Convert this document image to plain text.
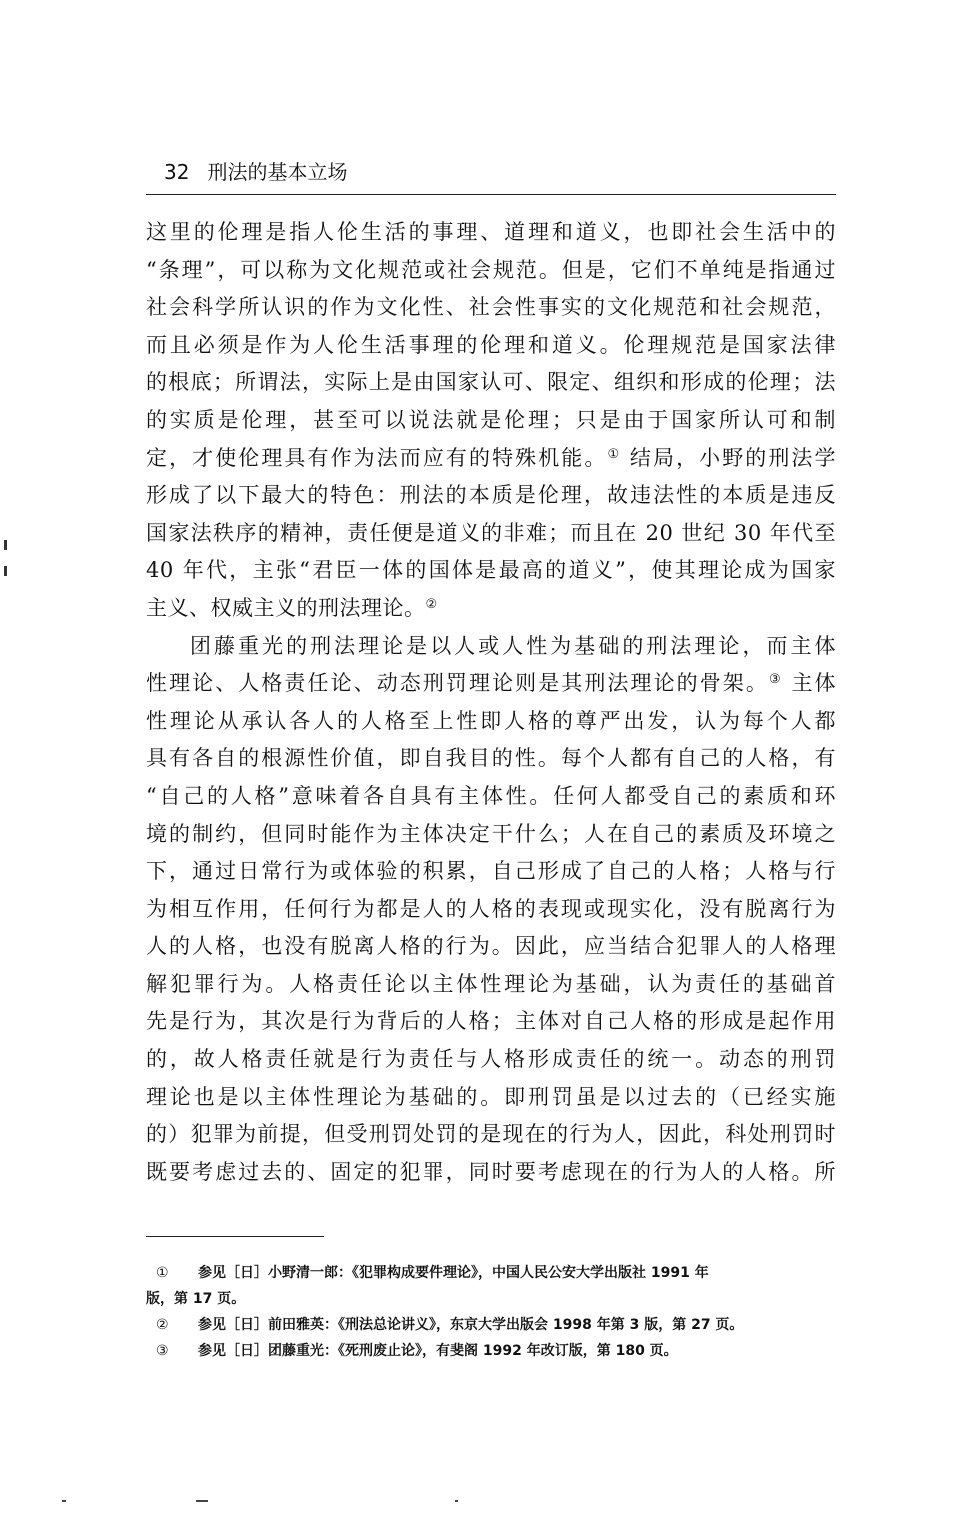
32 刑法的基本立场
这里的伦理是指人伦生活的事理、道理和道义，也即社会生活中的
“条理”，可以称为文化规范或社会规范。但是，它们不单纯是指通过
社会科学所认识的作为文化性、社会性事实的文化规范和社会规范，
而且必须是作为人伦生活事理的伦理和道义。伦理规范是国家法律
的根底；所谓法，实际上是由国家认可、限定、组织和形成的伦理；法
的实质是伦理，甚至可以说法就是伦理；只是由于国家所认可和制
定，才使伦理具有作为法而应有的特殊机能。① 结局，小野的刑法学
形成了以下最大的特色：刑法的本质是伦理，故违法性的本质是违反
国家法秩序的精神，责任便是道义的非难；而且在 20 世纪 30 年代至
40 年代，主张“君臣一体的国体是最高的道义”，使其理论成为国家
主义、权威主义的刑法理论。②
团藤重光的刑法理论是以人或人性为基础的刑法理论，而主体
性理论、人格责任论、动态刑罚理论则是其刑法理论的骨架。③ 主体
性理论从承认各人的人格至上性即人格的尊严出发，认为每个人都
具有各自的根源性价值，即自我目的性。每个人都有自己的人格，有
“自己的人格”意味着各自具有主体性。任何人都受自己的素质和环
境的制约，但同时能作为主体决定干什么；人在自己的素质及环境之
下，通过日常行为或体验的积累，自己形成了自己的人格；人格与行
为相互作用，任何行为都是人的人格的表现或现实化，没有脱离行为
人的人格，也没有脱离人格的行为。因此，应当结合犯罪人的人格理
解犯罪行为。人格责任论以主体性理论为基础，认为责任的基础首
先是行为，其次是行为背后的人格；主体对自己人格的形成是起作用
的，故人格责任就是行为责任与人格形成责任的统一。动态的刑罚
理论也是以主体性理论为基础的。即刑罚虽是以过去的（已经实施
的）犯罪为前提，但受刑罚处罚的是现在的行为人，因此，科处刑罚时
既要考虑过去的、固定的犯罪，同时要考虑现在的行为人的人格。所
① 参见［日］小野清一郎：《犯罪构成要件理论》，中国人民公安大学出版社 1991 年
版，第 17 页。
② 参见［日］前田雅英：《刑法总论讲义》，东京大学出版会 1998 年第 3 版，第 27 页。
③ 参见［日］团藤重光：《死刑废止论》，有斐阁 1992 年改订版，第 180 页。
